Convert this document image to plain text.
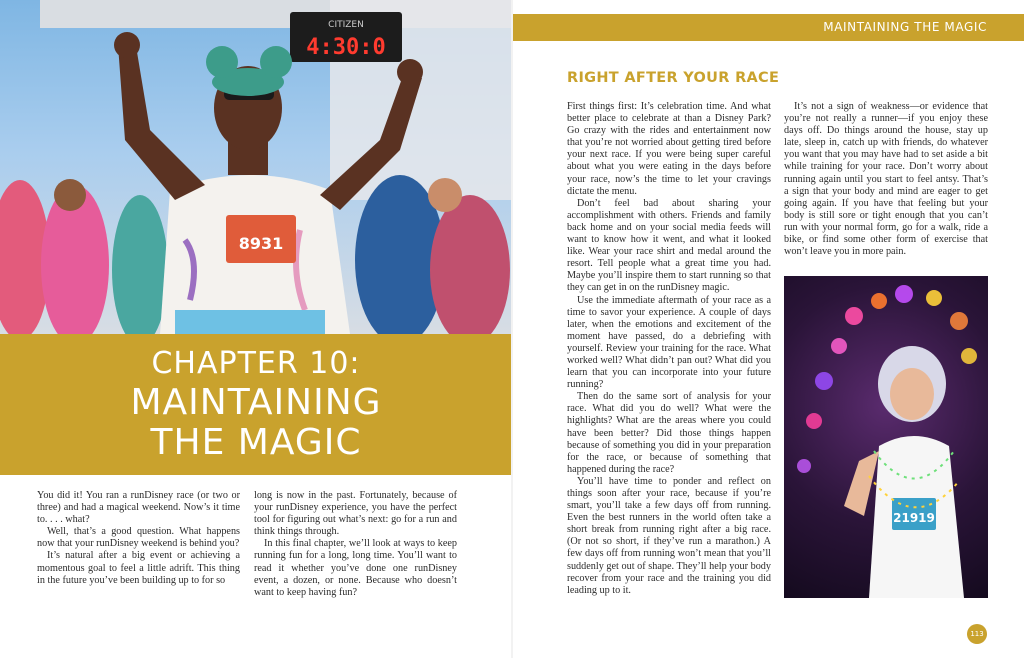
CITIZEN
4:30:0
8931
CHAPTER 10:
MAINTAINING
THE MAGIC

You did it! You ran a runDisney race (or two or three) and had a magical weekend. Now’s it time to. . . . what?

Well, that’s a good question. What happens now that your runDisney weekend is behind you?

It’s natural after a big event or achieving a momentous goal to feel a little adrift. This thing in the future you’ve been building up to for so

long is now in the past. Fortunately, because of your runDisney experience, you have the perfect tool for figuring out what’s next: go for a run and think things through.

In this final chapter, we’ll look at ways to keep running fun for a long, long time. You’ll want to read it whether you’ve done one runDisney event, a dozen, or none. Because who doesn’t want to keep having fun?

MAINTAINING THE MAGIC
RIGHT AFTER YOUR RACE

First things first: It’s celebration time. And what better place to celebrate at than a Disney Park? Go crazy with the rides and entertainment now that you’re not worried about getting tired before your next race. If you were being super careful about what you were eating in the days before your race, now’s the time to let your cravings dictate the menu.

Don’t feel bad about sharing your accomplishment with others. Friends and family back home and on your social media feeds will want to know how it went, and what it looked like. Wear your race shirt and medal around the resort. Tell people what a great time you had. Maybe you’ll inspire them to start running so that they can get in on the runDisney magic.

Use the immediate aftermath of your race as a time to savor your experience. A couple of days later, when the emotions and excitement of the moment have passed, do a debriefing with yourself. Review your training for the race. What worked well? What didn’t pan out? What did you learn that you can incorporate into your future running?

Then do the same sort of analysis for your race. What did you do well? What were the highlights? What are the areas where you could have been better? Did those things happen because of something you did in your preparation for the race, or because of something that happened during the race?

You’ll have time to ponder and reflect on things soon after your race, because if you’re smart, you’ll take a few days off from running. Even the best runners in the world often take a short break from running right after a big race. (Or not so short, if they’ve run a marathon.) A few days off from running won’t mean that you’ll suddenly get out of shape. They’ll help your body recover from your race and the training you did leading up to it.

It’s not a sign of weakness—or evidence that you’re not really a runner—if you enjoy these days off. Do things around the house, stay up late, sleep in, catch up with friends, do whatever you want that you may have had to set aside a bit while training for your race. Don’t worry about running again until you start to feel antsy. That’s a sign that your body and mind are eager to get going again. If you have that feeling but your body is still sore or tight enough that you can’t run with your normal form, go for a walk, ride a bike, or find some other form of exercise that won’t leave you in more pain.

21919
113
